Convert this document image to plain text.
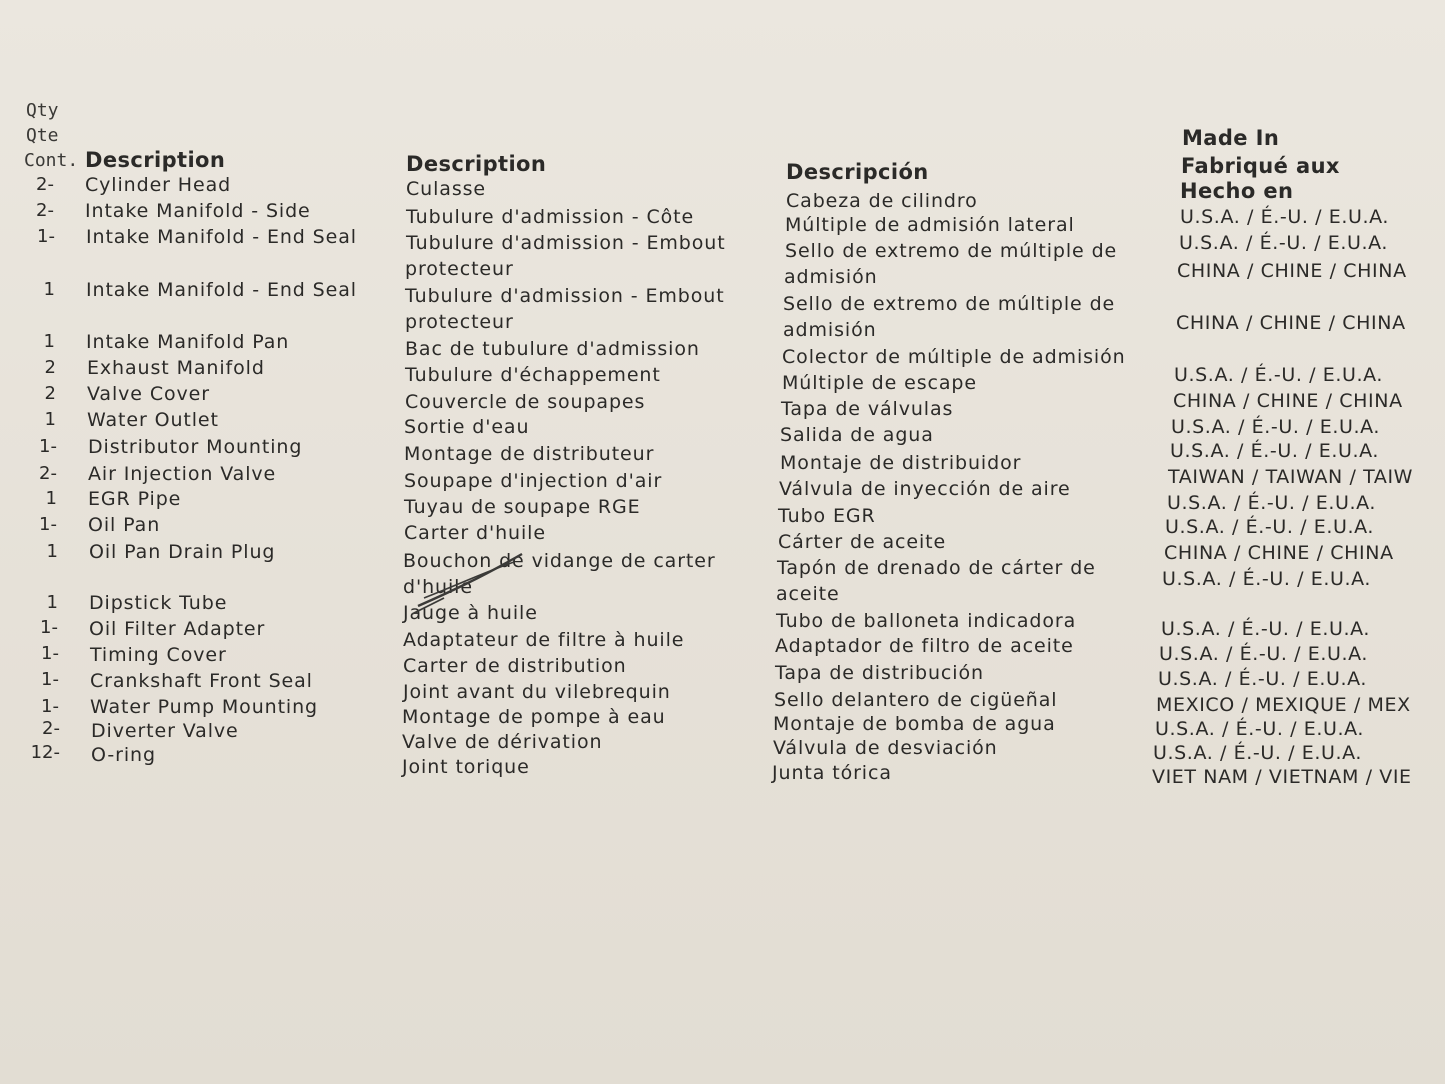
Qty
Qte
Cont. Description	Description	Descripción
Made In
Fabriqué aux
Hecho en
2-
2-
1-
1
1
2
2
1
1-
2-
1
1-
1
1
1-
1-
1-
1-
2-
12-
Cylinder Head
Intake Manifold - Side
Intake Manifold - End Seal
Intake Manifold - End Seal
Intake Manifold Pan
Exhaust Manifold
Valve Cover
Water Outlet
Distributor Mounting
Air Injection Valve
EGR Pipe
Oil Pan
Oil Pan Drain Plug
Dipstick Tube
Oil Filter Adapter
Timing Cover
Crankshaft Front Seal
Water Pump Mounting
Diverter Valve
O-ring
Culasse
Tubulure d'admission - Côte
Tubulure d'admission - Embout
protecteur
Tubulure d'admission - Embout
protecteur
Bac de tubulure d'admission
Tubulure d'échappement
Couvercle de soupapes
Sortie d'eau
Montage de distributeur
Soupape d'injection d'air
Tuyau de soupape RGE
Carter d'huile
Bouchon de vidange de carter
d'huile
Jauge à huile
Adaptateur de filtre à huile
Carter de distribution
Joint avant du vilebrequin
Montage de pompe à eau
Valve de dérivation
Joint torique
Cabeza de cilindro
Múltiple de admisión lateral
Sello de extremo de múltiple de
admisión
Sello de extremo de múltiple de
admisión
Colector de múltiple de admisión
Múltiple de escape
Tapa de válvulas
Salida de agua
Montaje de distribuidor
Válvula de inyección de aire
Tubo EGR
Cárter de aceite
Tapón de drenado de cárter de
aceite
Tubo de balloneta indicadora
Adaptador de filtro de aceite
Tapa de distribución
Sello delantero de cigüeñal
Montaje de bomba de agua
Válvula de desviación
Junta tórica
U.S.A. / É.-U. / E.U.A.
U.S.A. / É.-U. / E.U.A.
CHINA / CHINE / CHINA
CHINA / CHINE / CHINA
U.S.A. / É.-U. / E.U.A.
CHINA / CHINE / CHINA
U.S.A. / É.-U. / E.U.A.
U.S.A. / É.-U. / E.U.A.
TAIWAN / TAIWAN / TAIW
U.S.A. / É.-U. / E.U.A.
U.S.A. / É.-U. / E.U.A.
CHINA / CHINE / CHINA
U.S.A. / É.-U. / E.U.A.
U.S.A. / É.-U. / E.U.A.
U.S.A. / É.-U. / E.U.A.
U.S.A. / É.-U. / E.U.A.
MEXICO / MEXIQUE / MEX
U.S.A. / É.-U. / E.U.A.
U.S.A. / É.-U. / E.U.A.
VIET NAM / VIETNAM / VIE
